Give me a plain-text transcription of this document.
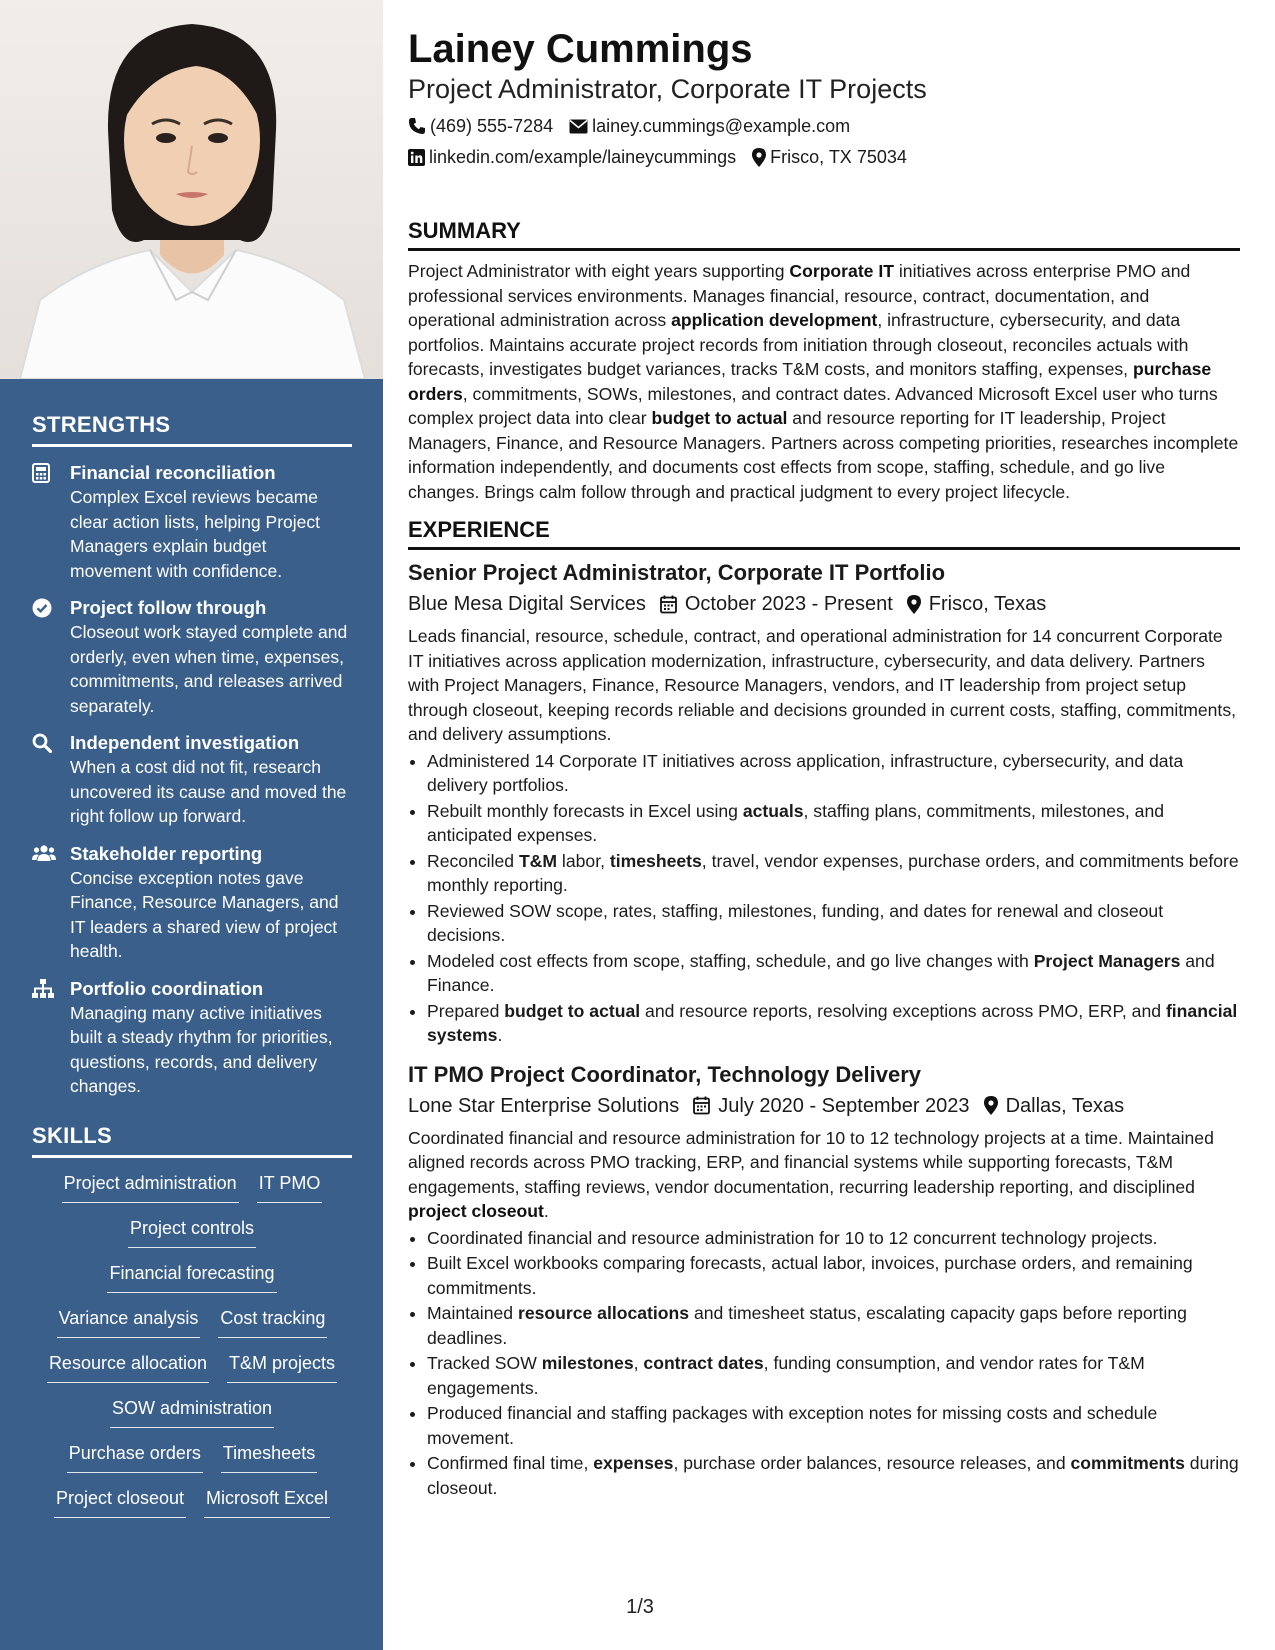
STRENGTHS
Financial reconciliation
Complex Excel reviews became clear action lists, helping Project Managers explain budget movement with confidence.
Project follow through
Closeout work stayed complete and orderly, even when time, expenses, commitments, and releases arrived separately.
Independent investigation
When a cost did not fit, research uncovered its cause and moved the right follow up forward.
Stakeholder reporting
Concise exception notes gave Finance, Resource Managers, and IT leaders a shared view of project health.
Portfolio coordination
Managing many active initiatives built a steady rhythm for priorities, questions, records, and delivery changes.
SKILLS
Project administration IT PMO
Project controls
Financial forecasting
Variance analysis Cost tracking
Resource allocation T&M projects
SOW administration
Purchase orders Timesheets
Project closeout Microsoft Excel
Lainey Cummings
Project Administrator, Corporate IT Projects
(469) 555-7284 lainey.cummings@example.com
linkedin.com/example/laineycummings Frisco, TX 75034
SUMMARY
Project Administrator with eight years supporting Corporate IT initiatives across enterprise PMO and professional services environments. Manages financial, resource, contract, documentation, and operational administration across application development, infrastructure, cybersecurity, and data portfolios. Maintains accurate project records from initiation through closeout, reconciles actuals with forecasts, investigates budget variances, tracks T&M costs, and monitors staffing, expenses, purchase orders, commitments, SOWs, milestones, and contract dates. Advanced Microsoft Excel user who turns complex project data into clear budget to actual and resource reporting for IT leadership, Project Managers, Finance, and Resource Managers. Partners across competing priorities, researches incomplete information independently, and documents cost effects from scope, staffing, schedule, and go live changes. Brings calm follow through and practical judgment to every project lifecycle.
EXPERIENCE
Senior Project Administrator, Corporate IT Portfolio
Blue Mesa Digital Services October 2023 - Present Frisco, Texas
Leads financial, resource, schedule, contract, and operational administration for 14 concurrent Corporate IT initiatives across application modernization, infrastructure, cybersecurity, and data delivery. Partners with Project Managers, Finance, Resource Managers, vendors, and IT leadership from project setup through closeout, keeping records reliable and decisions grounded in current costs, staffing, commitments, and delivery assumptions.
• Administered 14 Corporate IT initiatives across application, infrastructure, cybersecurity, and data delivery portfolios.
• Rebuilt monthly forecasts in Excel using actuals, staffing plans, commitments, milestones, and anticipated expenses.
• Reconciled T&M labor, timesheets, travel, vendor expenses, purchase orders, and commitments before monthly reporting.
• Reviewed SOW scope, rates, staffing, milestones, funding, and dates for renewal and closeout decisions.
• Modeled cost effects from scope, staffing, schedule, and go live changes with Project Managers and Finance.
• Prepared budget to actual and resource reports, resolving exceptions across PMO, ERP, and financial systems.
IT PMO Project Coordinator, Technology Delivery
Lone Star Enterprise Solutions July 2020 - September 2023 Dallas, Texas
Coordinated financial and resource administration for 10 to 12 technology projects at a time. Maintained aligned records across PMO tracking, ERP, and financial systems while supporting forecasts, T&M engagements, staffing reviews, vendor documentation, recurring leadership reporting, and disciplined project closeout.
• Coordinated financial and resource administration for 10 to 12 concurrent technology projects.
• Built Excel workbooks comparing forecasts, actual labor, invoices, purchase orders, and remaining commitments.
• Maintained resource allocations and timesheet status, escalating capacity gaps before reporting deadlines.
• Tracked SOW milestones, contract dates, funding consumption, and vendor rates for T&M engagements.
• Produced financial and staffing packages with exception notes for missing costs and schedule movement.
• Confirmed final time, expenses, purchase order balances, resource releases, and commitments during closeout.
1/3
